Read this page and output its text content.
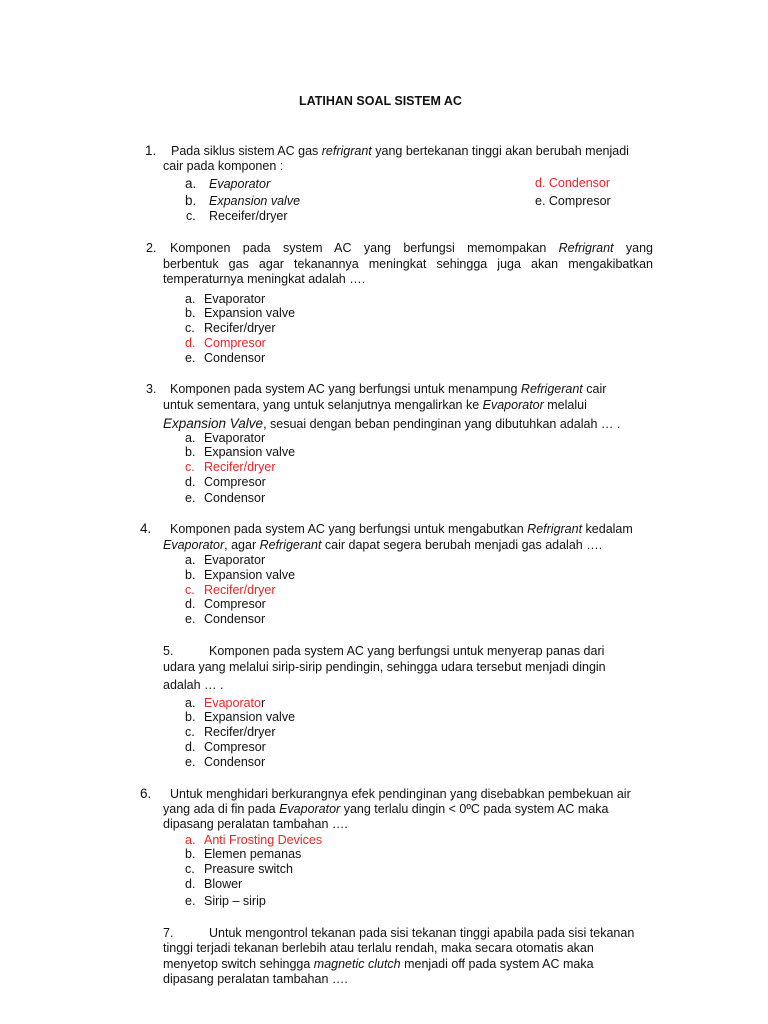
LATIHAN SOAL SISTEM AC
1. Pada siklus sistem AC gas refrigrant yang bertekanan tinggi akan berubah menjadi
cair pada komponen :
a. Evaporator
b. Expansion valve
c. Receifer/dryer
d. Condensor
e. Compresor
2. Komponen pada system AC yang berfungsi memompakan Refrigrant yang
berbentuk gas agar tekanannya meningkat sehingga juga akan mengakibatkan
temperaturnya meningkat adalah ….
a. Evaporator
b. Expansion valve
c. Recifer/dryer
d. Compresor
e. Condensor
3. Komponen pada system AC yang berfungsi untuk menampung Refrigerant cair
untuk sementara, yang untuk selanjutnya mengalirkan ke Evaporator melalui
Expansion Valve, sesuai dengan beban pendinginan yang dibutuhkan adalah … .
a. Evaporator
b. Expansion valve
c. Recifer/dryer
d. Compresor
e. Condensor
4. Komponen pada system AC yang berfungsi untuk mengabutkan Refrigrant kedalam
Evaporator, agar Refrigerant cair dapat segera berubah menjadi gas adalah ….
a. Evaporator
b. Expansion valve
c. Recifer/dryer
d. Compresor
e. Condensor
5.	Komponen pada system AC yang berfungsi untuk menyerap panas dari
udara yang melalui sirip-sirip pendingin, sehingga udara tersebut menjadi dingin
adalah … .
a. Evaporator
b. Expansion valve
c. Recifer/dryer
d. Compresor
e. Condensor
6. Untuk menghidari berkurangnya efek pendinginan yang disebabkan pembekuan air
yang ada di fin pada Evaporator yang terlalu dingin < 0ºC pada system AC maka
dipasang peralatan tambahan ….
a. Anti Frosting Devices
b. Elemen pemanas
c. Preasure switch
d. Blower
e. Sirip – sirip
7.	Untuk mengontrol tekanan pada sisi tekanan tinggi apabila pada sisi tekanan
tinggi terjadi tekanan berlebih atau terlalu rendah, maka secara otomatis akan
menyetop switch sehingga magnetic clutch menjadi off pada system AC maka
dipasang peralatan tambahan ….
